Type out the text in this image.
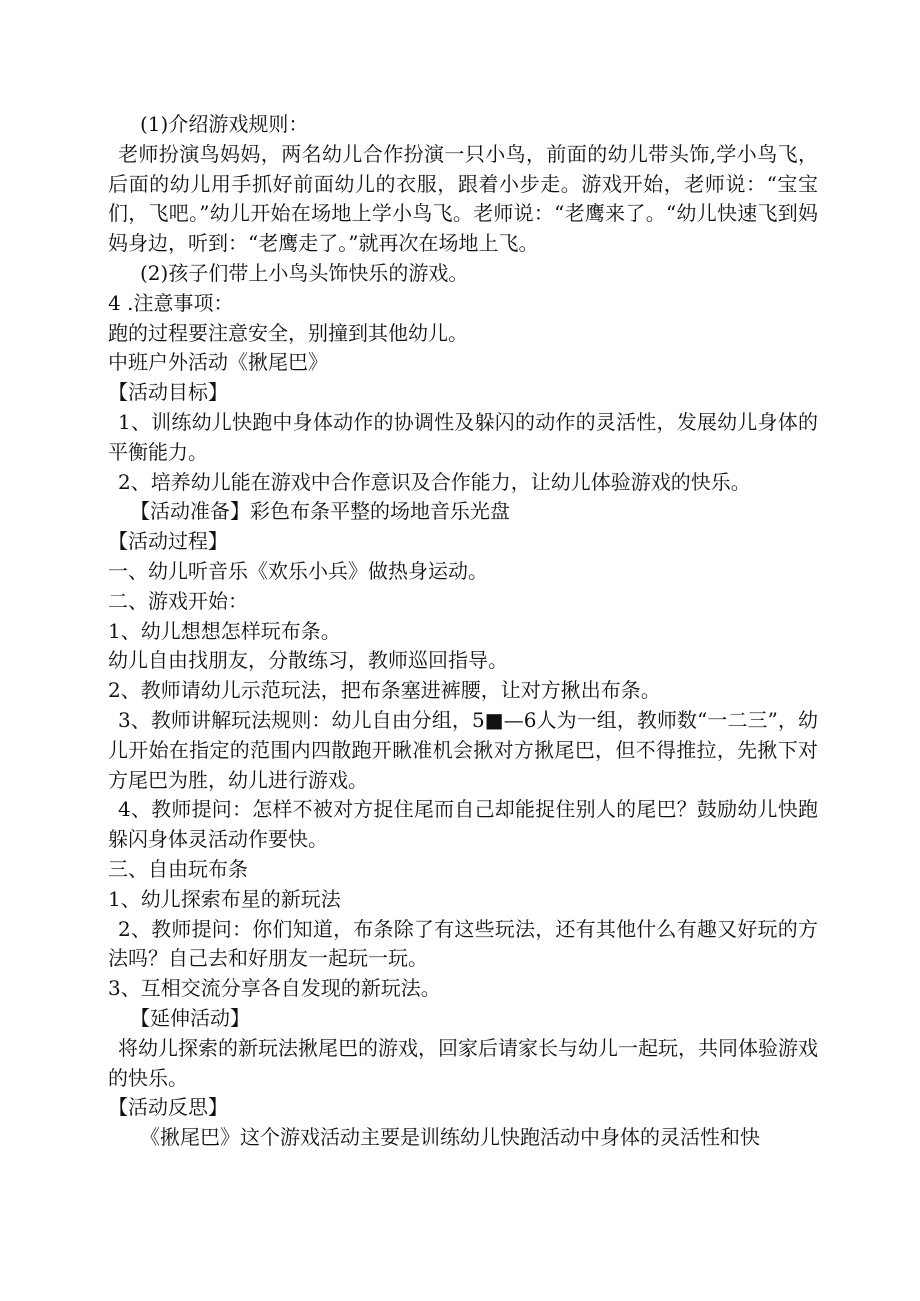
(1)介绍游戏规则：

老师扮演鸟妈妈，两名幼儿合作扮演一只小鸟，前面的幼儿带头饰,学小鸟飞，后面的幼儿用手抓好前面幼儿的衣服，跟着小步走。游戏开始，老师说：“宝宝们，飞吧。”幼儿开始在场地上学小鸟飞。老师说：“老鹰来了。“幼儿快速飞到妈妈身边，听到：“老鹰走了。”就再次在场地上飞。

(2)孩子们带上小鸟头饰快乐的游戏。

4 .注意事项：

跑的过程要注意安全，别撞到其他幼儿。

中班户外活动《揪尾巴》

【活动目标】

1、训练幼儿快跑中身体动作的协调性及躲闪的动作的灵活性，发展幼儿身体的平衡能力。

2、培养幼儿能在游戏中合作意识及合作能力，让幼儿体验游戏的快乐。

【活动准备】彩色布条平整的场地音乐光盘

【活动过程】

一、幼儿听音乐《欢乐小兵》做热身运动。

二、游戏开始：

1、幼儿想想怎样玩布条。

幼儿自由找朋友，分散练习，教师巡回指导。

2、教师请幼儿示范玩法，把布条塞进裤腰，让对方揪出布条。

3、教师讲解玩法规则：幼儿自由分组，5■—6人为一组，教师数“一二三”，幼儿开始在指定的范围内四散跑开瞅准机会揪对方揪尾巴，但不得推拉，先揪下对方尾巴为胜，幼儿进行游戏。

4、教师提问：怎样不被对方捉住尾而自己却能捉住别人的尾巴？鼓励幼儿快跑躲闪身体灵活动作要快。

三、自由玩布条

1、幼儿探索布星的新玩法

2、教师提问：你们知道，布条除了有这些玩法，还有其他什么有趣又好玩的方法吗？自己去和好朋友一起玩一玩。

3、互相交流分享各自发现的新玩法。

【延伸活动】

将幼儿探索的新玩法揪尾巴的游戏，回家后请家长与幼儿一起玩，共同体验游戏的快乐。

【活动反思】

《揪尾巴》这个游戏活动主要是训练幼儿快跑活动中身体的灵活性和快
